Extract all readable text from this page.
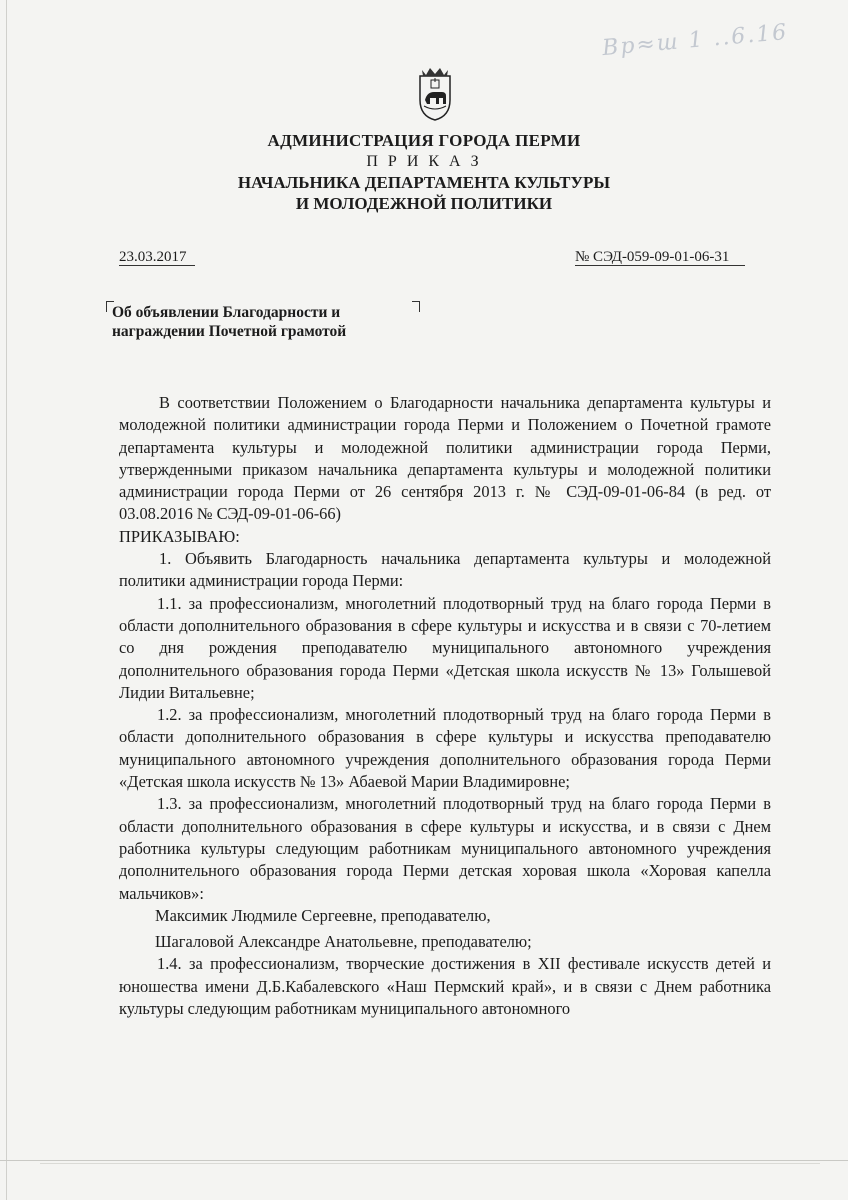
Вр≈ш 1 ..6.16
АДМИНИСТРАЦИЯ ГОРОДА ПЕРМИ
П Р И К А З
НАЧАЛЬНИКА ДЕПАРТАМЕНТА КУЛЬТУРЫ
И МОЛОДЕЖНОЙ ПОЛИТИКИ
23.03.2017	№ СЭД-059-09-01-06-31
Об объявлении Благодарности и
награждении Почетной грамотой

В соответствии Положением о Благодарности начальника департамента культуры и молодежной политики администрации города Перми и Положением о Почетной грамоте департамента культуры и молодежной политики администрации города Перми, утвержденными приказом начальника департамента культуры и молодежной политики администрации города Перми от 26 сентября 2013 г. № СЭД-09-01-06-84 (в ред. от 03.08.2016 № СЭД-09-01-06-66)

ПРИКАЗЫВАЮ:

1. Объявить Благодарность начальника департамента культуры и молодежной политики администрации города Перми:

1.1. за профессионализм, многолетний плодотворный труд на благо города Перми в области дополнительного образования в сфере культуры и искусства и в связи с 70-летием со дня рождения преподавателю муниципального автономного учреждения дополнительного образования города Перми «Детская школа искусств № 13» Голышевой Лидии Витальевне;

1.2. за профессионализм, многолетний плодотворный труд на благо города Перми в области дополнительного образования в сфере культуры и искусства преподавателю муниципального автономного учреждения дополнительного образования города Перми «Детская школа искусств № 13» Абаевой Марии Владимировне;

1.3. за профессионализм, многолетний плодотворный труд на благо города Перми в области дополнительного образования в сфере культуры и искусства, и в связи с Днем работника культуры следующим работникам муниципального автономного учреждения дополнительного образования города Перми детская хоровая школа «Хоровая капелла мальчиков»:

Максимик Людмиле Сергеевне, преподавателю,

Шагаловой Александре Анатольевне, преподавателю;

1.4. за профессионализм, творческие достижения в XII фестивале искусств детей и юношества имени Д.Б.Кабалевского «Наш Пермский край», и в связи с Днем работника культуры следующим работникам муниципального автономного
